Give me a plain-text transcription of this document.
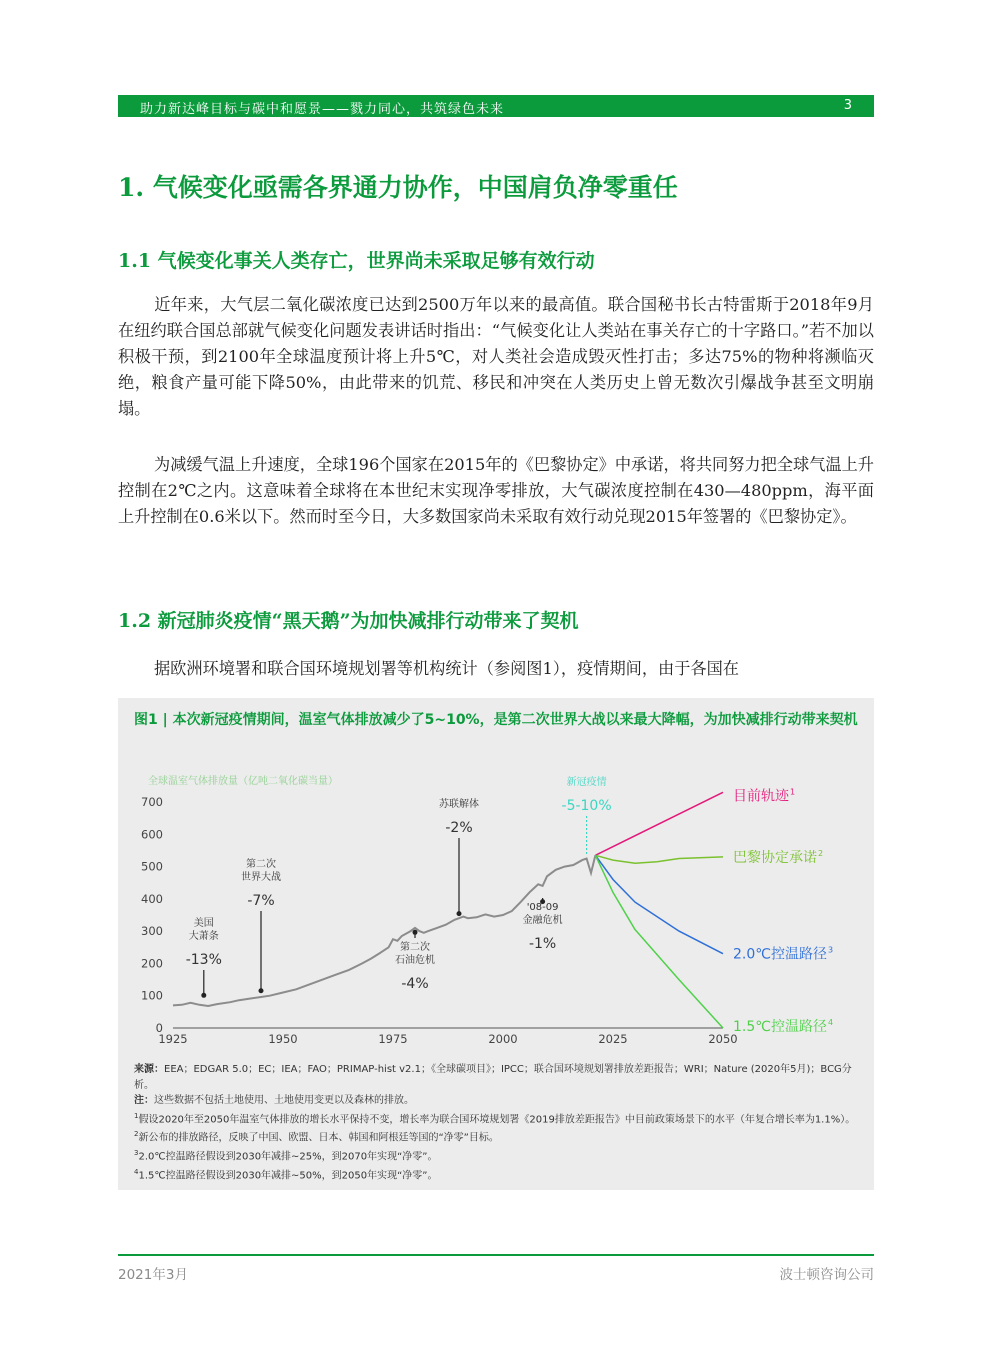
助力新达峰目标与碳中和愿景——戮力同心，共筑绿色未来	3
1. 气候变化亟需各界通力协作，中国肩负净零重任
1.1 气候变化事关人类存亡，世界尚未采取足够有效行动
近年来，大气层二氧化碳浓度已达到2500万年以来的最高值。联合国秘书长古特雷斯于2018年9月在纽约联合国总部就气候变化问题发表讲话时指出：“气候变化让人类站在事关存亡的十字路口。”若不加以积极干预，到2100年全球温度预计将上升5℃，对人类社会造成毁灭性打击；多达75%的物种将濒临灭绝，粮食产量可能下降50%，由此带来的饥荒、移民和冲突在人类历史上曾无数次引爆战争甚至文明崩塌。
为减缓气温上升速度，全球196个国家在2015年的《巴黎协定》中承诺，将共同努力把全球气温上升控制在2℃之内。这意味着全球将在本世纪末实现净零排放，大气碳浓度控制在430—480ppm，海平面上升控制在0.6米以下。然而时至今日，大多数国家尚未采取有效行动兑现2015年签署的《巴黎协定》。
1.2 新冠肺炎疫情“黑天鹅”为加快减排行动带来了契机
据欧洲环境署和联合国环境规划署等机构统计（参阅图1），疫情期间，由于各国在
图1 | 本次新冠疫情期间，温室气体排放减少了5~10%，是第二次世界大战以来最大降幅，为加快减排行动带来契机
全球温室气体排放量（亿吨二氧化碳当量）
0
100
200
300
400
500
600
700
1925	1950	1975	2000	2025	2050
美国
大萧条
-13%
第二次
世界大战
-7%
第二次
石油危机
-4%
苏联解体
-2%
'08-09
金融危机
-1%
新冠疫情
-5-10%
目前轨迹 1
巴黎协定承诺 2
2.0℃控温路径 3
1.5℃控温路径 4
来源：EEA；EDGAR 5.0；EC；IEA；FAO；PRIMAP-hist v2.1；《全球碳项目》；IPCC；联合国环境规划署排放差距报告；WRI；Nature (2020年5月)；BCG分析。
注：这些数据不包括土地使用、土地使用变更以及森林的排放。
$^1$假设2020年至2050年温室气体排放的增长水平保持不变，增长率为联合国环境规划署《2019排放差距报告》中目前政策场景下的水平（年复合增长率为1.1%）。
$^2$新公布的排放路径，反映了中国、欧盟、日本、韩国和阿根廷等国的“净零”目标。
$^3$2.0℃控温路径假设到2030年减排~25%，到2070年实现“净零”。
$^4$1.5℃控温路径假设到2030年减排~50%，到2050年实现“净零”。
2021年3月	波士顿咨询公司
